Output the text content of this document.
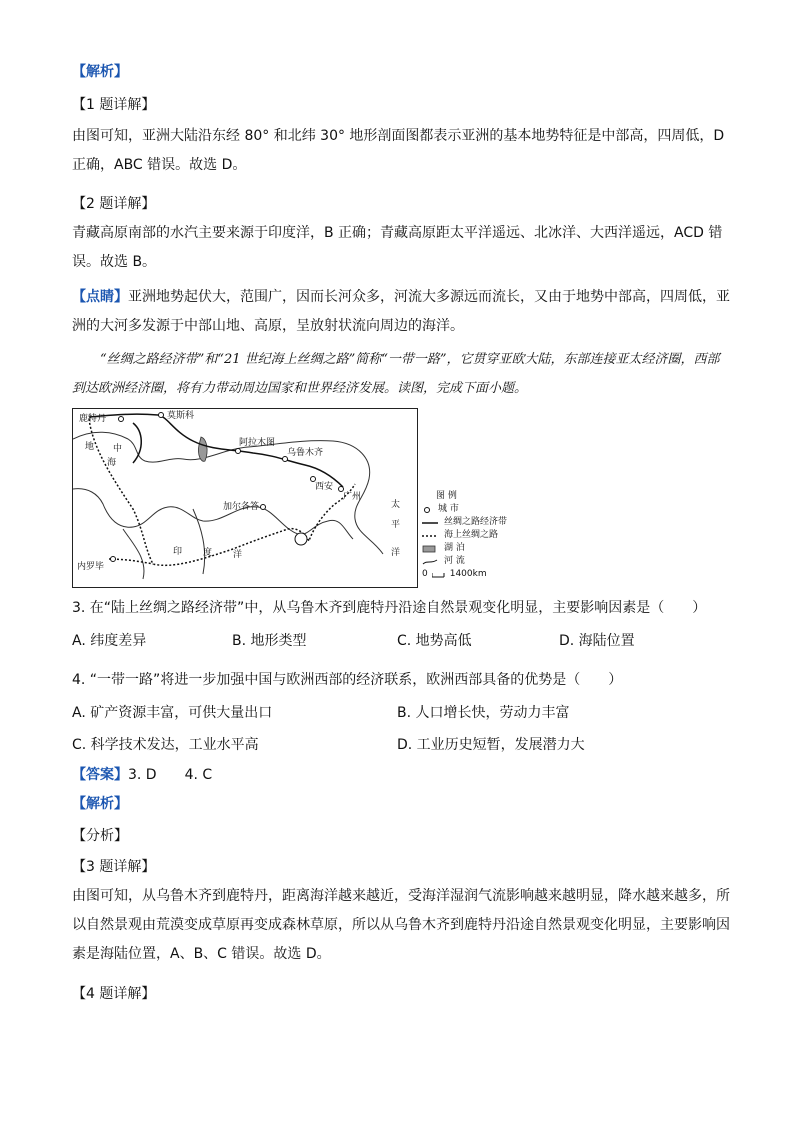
【解析】
【1 题详解】
由图可知，亚洲大陆沿东经 80° 和北纬 30° 地形剖面图都表示亚洲的基本地势特征是中部高，四周低，D 正确，ABC 错误。故选 D。
【2 题详解】
青藏高原南部的水汽主要来源于印度洋，B 正确；青藏高原距太平洋遥远、北冰洋、大西洋遥远，ACD 错误。故选 B。
【点睛】亚洲地势起伏大，范围广，因而长河众多，河流大多源远而流长，又由于地势中部高，四周低，亚洲的大河多发源于中部山地、高原，呈放射状流向周边的海洋。
“丝绸之路经济带”和“21 世纪海上丝绸之路”简称“一带一路”，它贯穿亚欧大陆，东部连接亚太经济圈，西部到达欧洲经济圈，将有力带动周边国家和世界经济发展。读图，完成下面小题。
鹿特丹	莫斯科
地 中
海
阿拉木图
乌鲁木齐
西安
广州
加尔各答	太
平
洋
印 度 洋
内罗毕
图 例
城 市
丝绸之路经济带
海上丝绸之路
湖 泊
河 流
0 1400km
3. 在“陆上丝绸之路经济带”中，从乌鲁木齐到鹿特丹沿途自然景观变化明显，主要影响因素是（　　）
A. 纬度差异	B. 地形类型	C. 地势高低	D. 海陆位置
4. “一带一路”将进一步加强中国与欧洲西部的经济联系，欧洲西部具备的优势是（　　）
A. 矿产资源丰富，可供大量出口	B. 人口增长快，劳动力丰富
C. 科学技术发达，工业水平高	D. 工业历史短暂，发展潜力大
【答案】3. D　　4. C
【解析】
【分析】
【3 题详解】
由图可知，从乌鲁木齐到鹿特丹，距离海洋越来越近，受海洋湿润气流影响越来越明显，降水越来越多，所以自然景观由荒漠变成草原再变成森林草原，所以从乌鲁木齐到鹿特丹沿途自然景观变化明显，主要影响因素是海陆位置，A、B、C 错误。故选 D。
【4 题详解】
